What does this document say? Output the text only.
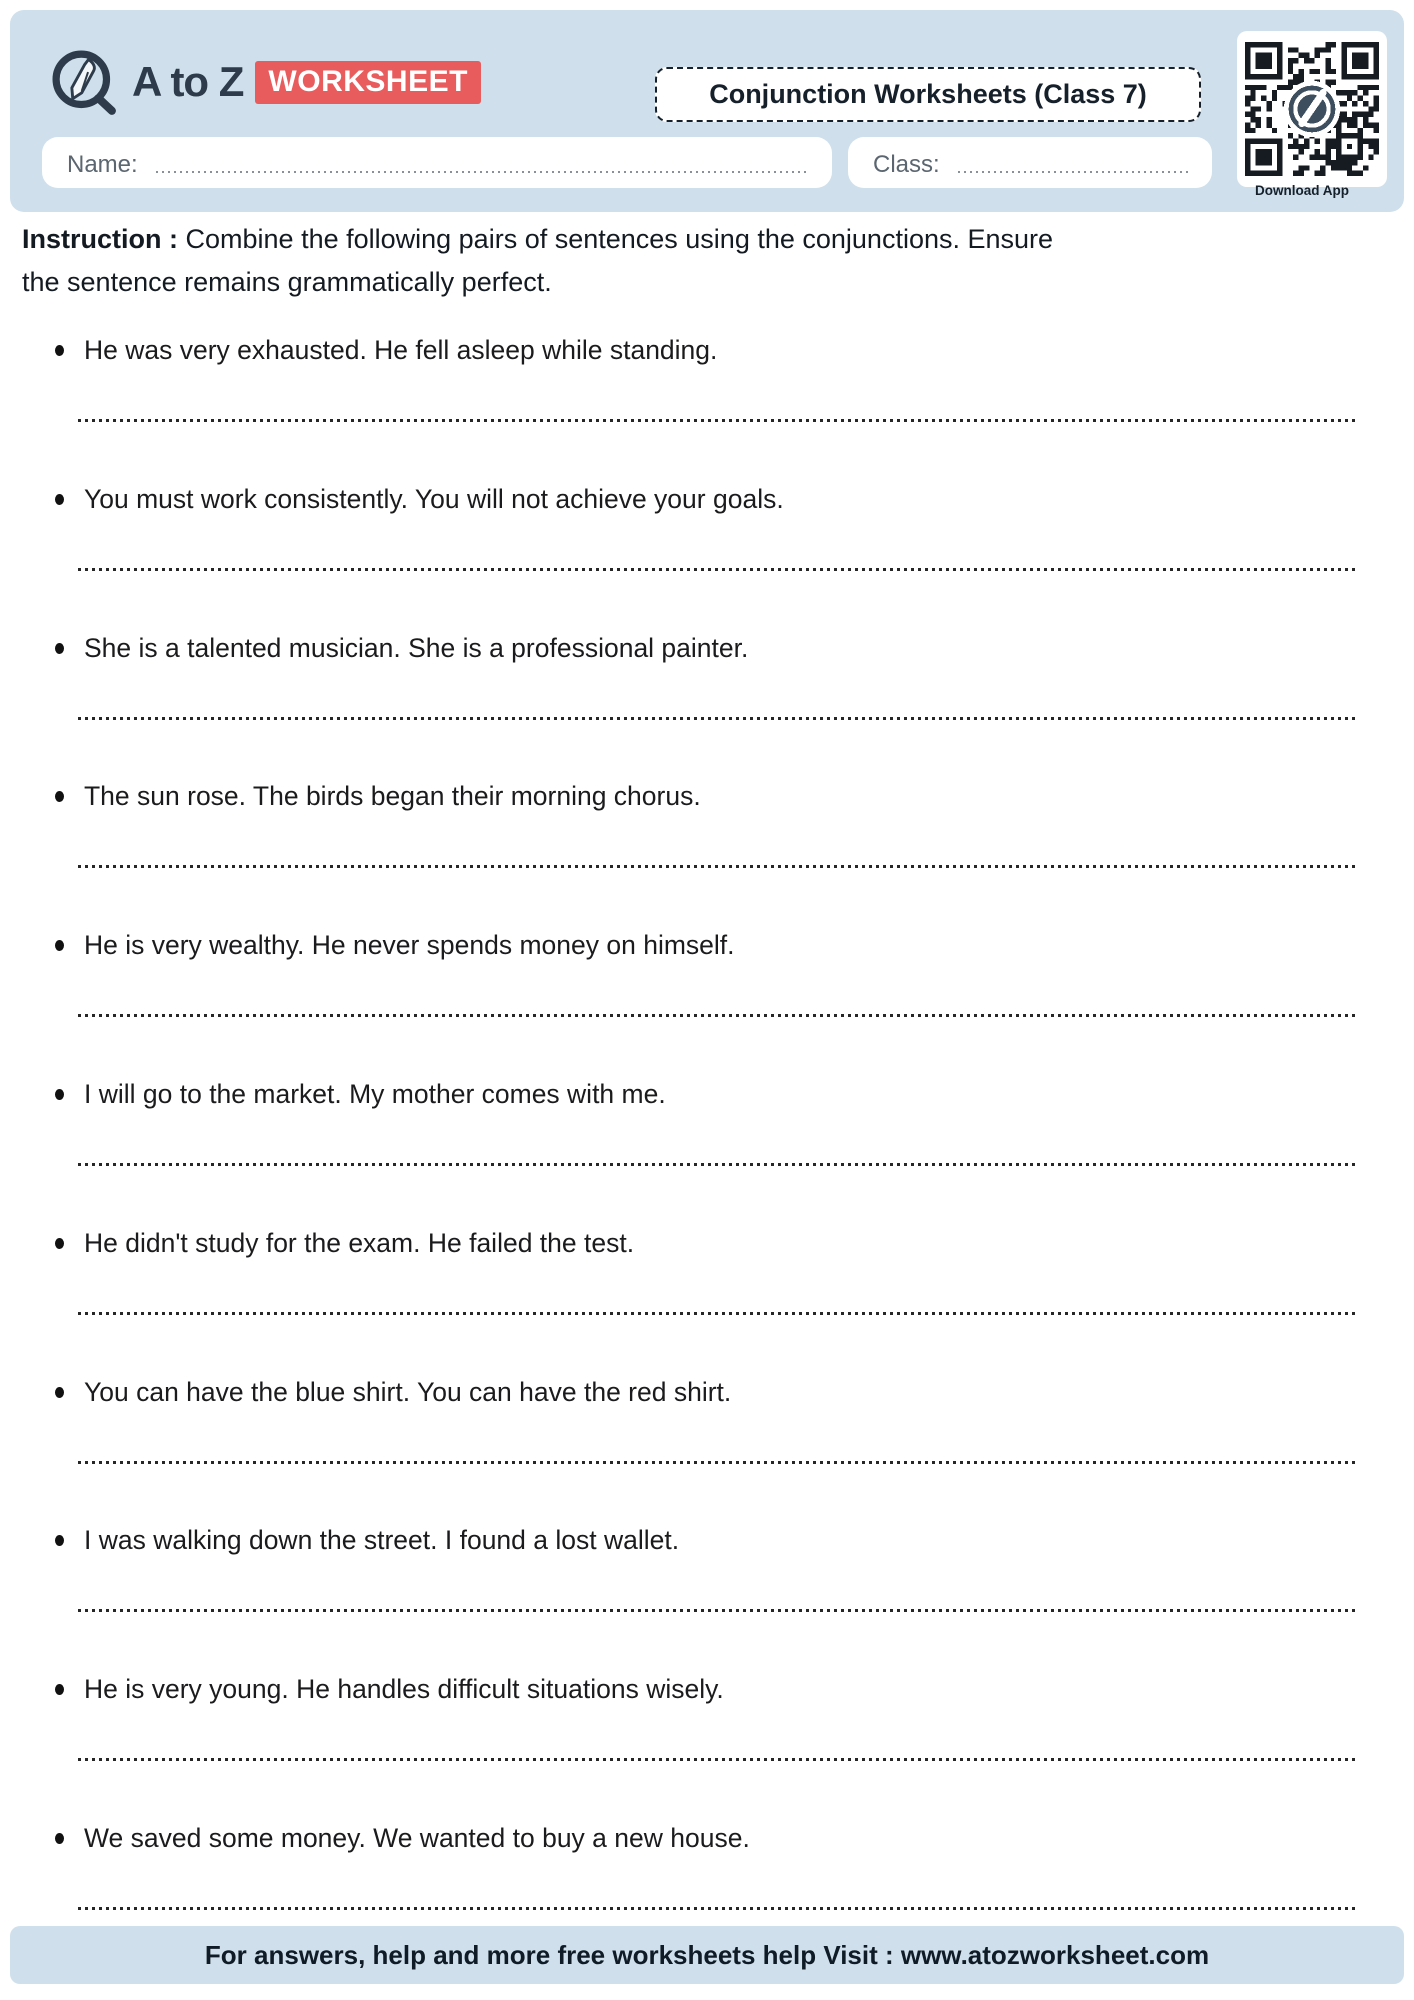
A to Z WORKSHEET	Conjunction Worksheets (Class 7)
Name:	Class:
Download App
Instruction : Combine the following pairs of sentences using the conjunctions. Ensure
the sentence remains grammatically perfect.
He was very exhausted. He fell asleep while standing.
You must work consistently. You will not achieve your goals.
She is a talented musician. She is a professional painter.
The sun rose. The birds began their morning chorus.
He is very wealthy. He never spends money on himself.
I will go to the market. My mother comes with me.
He didn't study for the exam. He failed the test.
You can have the blue shirt. You can have the red shirt.
I was walking down the street. I found a lost wallet.
He is very young. He handles difficult situations wisely.
We saved some money. We wanted to buy a new house.
For answers, help and more free worksheets help Visit : www.atozworksheet.com
